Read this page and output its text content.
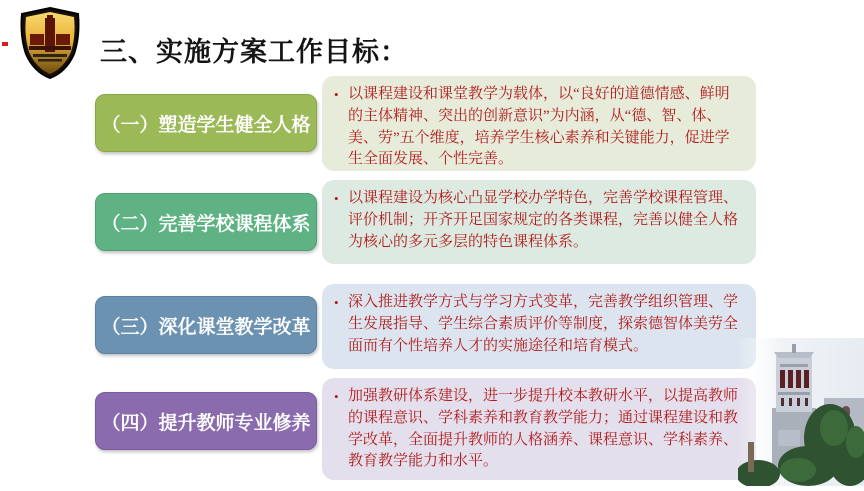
三、实施方案工作目标：
• 以课程建设和课堂教学为载体，以“良好的道德情感、鲜明的主体精神、突出的创新意识”为内涵，从“德、智、体、美、劳”五个维度，培养学生核心素养和关键能力，促进学生全面发展、个性完善。
（一）塑造学生健全人格
• 以课程建设为核心凸显学校办学特色，完善学校课程管理、评价机制；开齐开足国家规定的各类课程，完善以健全人格为核心的多元多层的特色课程体系。
（二）完善学校课程体系
• 深入推进教学方式与学习方式变革，完善教学组织管理、学生发展指导、学生综合素质评价等制度，探索德智体美劳全面而有个性培养人才的实施途径和培育模式。
（三）深化课堂教学改革
• 加强教研体系建设，进一步提升校本教研水平，以提高教师的课程意识、学科素养和教育教学能力；通过课程建设和教学改革，全面提升教师的人格涵养、课程意识、学科素养、教育教学能力和水平。
（四）提升教师专业修养
